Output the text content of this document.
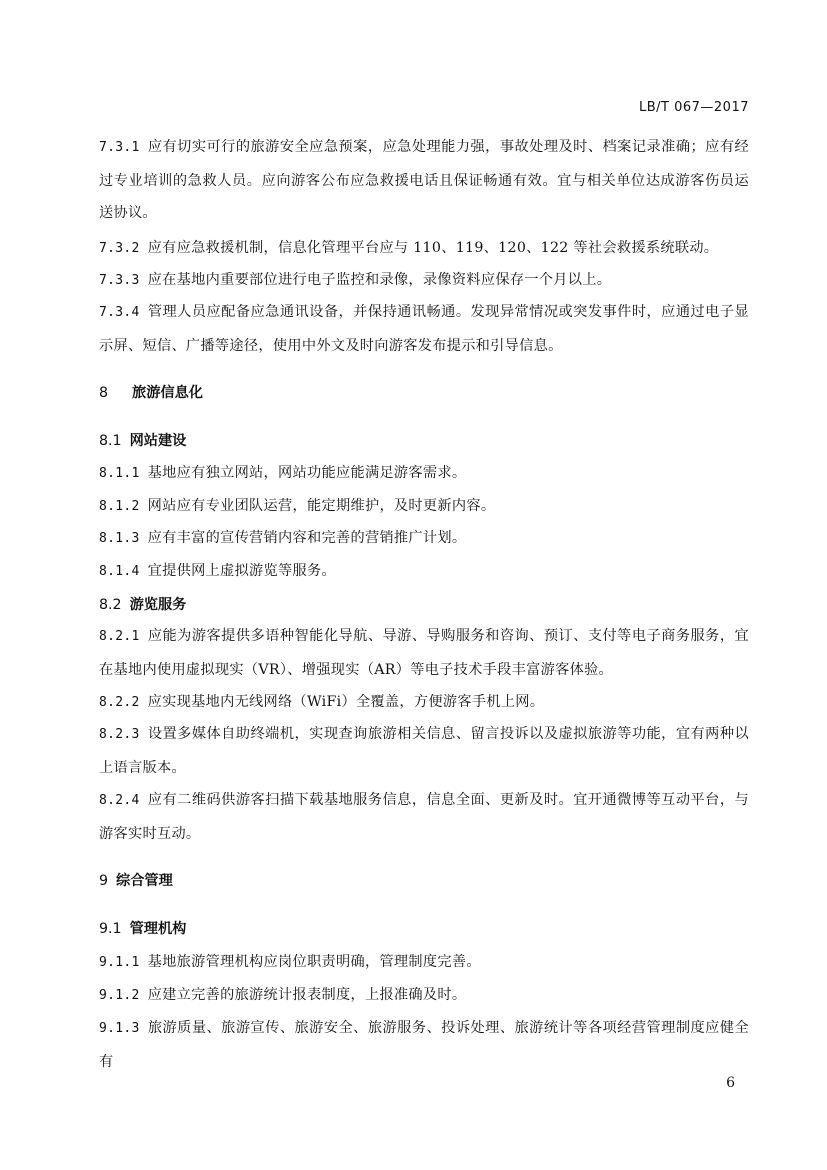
LB/T 067—2017
7.3.1 应有切实可行的旅游安全应急预案，应急处理能力强，事故处理及时、档案记录准确；应有经过专业培训的急救人员。应向游客公布应急救援电话且保证畅通有效。宜与相关单位达成游客伤员运送协议。
7.3.2 应有应急救援机制，信息化管理平台应与 110、119、120、122 等社会救援系统联动。
7.3.3 应在基地内重要部位进行电子监控和录像，录像资料应保存一个月以上。
7.3.4 管理人员应配备应急通讯设备，并保持通讯畅通。发现异常情况或突发事件时，应通过电子显示屏、短信、广播等途径，使用中外文及时向游客发布提示和引导信息。
8 旅游信息化
8.1 网站建设
8.1.1 基地应有独立网站，网站功能应能满足游客需求。
8.1.2 网站应有专业团队运营，能定期维护，及时更新内容。
8.1.3 应有丰富的宣传营销内容和完善的营销推广计划。
8.1.4 宜提供网上虚拟游览等服务。
8.2 游览服务
8.2.1 应能为游客提供多语种智能化导航、导游、导购服务和咨询、预订、支付等电子商务服务，宜在基地内使用虚拟现实（VR）、增强现实（AR）等电子技术手段丰富游客体验。
8.2.2 应实现基地内无线网络（WiFi）全覆盖，方便游客手机上网。
8.2.3 设置多媒体自助终端机，实现查询旅游相关信息、留言投诉以及虚拟旅游等功能，宜有两种以上语言版本。
8.2.4 应有二维码供游客扫描下载基地服务信息，信息全面、更新及时。宜开通微博等互动平台，与游客实时互动。
9 综合管理
9.1 管理机构
9.1.1 基地旅游管理机构应岗位职责明确，管理制度完善。
9.1.2 应建立完善的旅游统计报表制度，上报准确及时。
9.1.3 旅游质量、旅游宣传、旅游安全、旅游服务、投诉处理、旅游统计等各项经营管理制度应健全有
6
